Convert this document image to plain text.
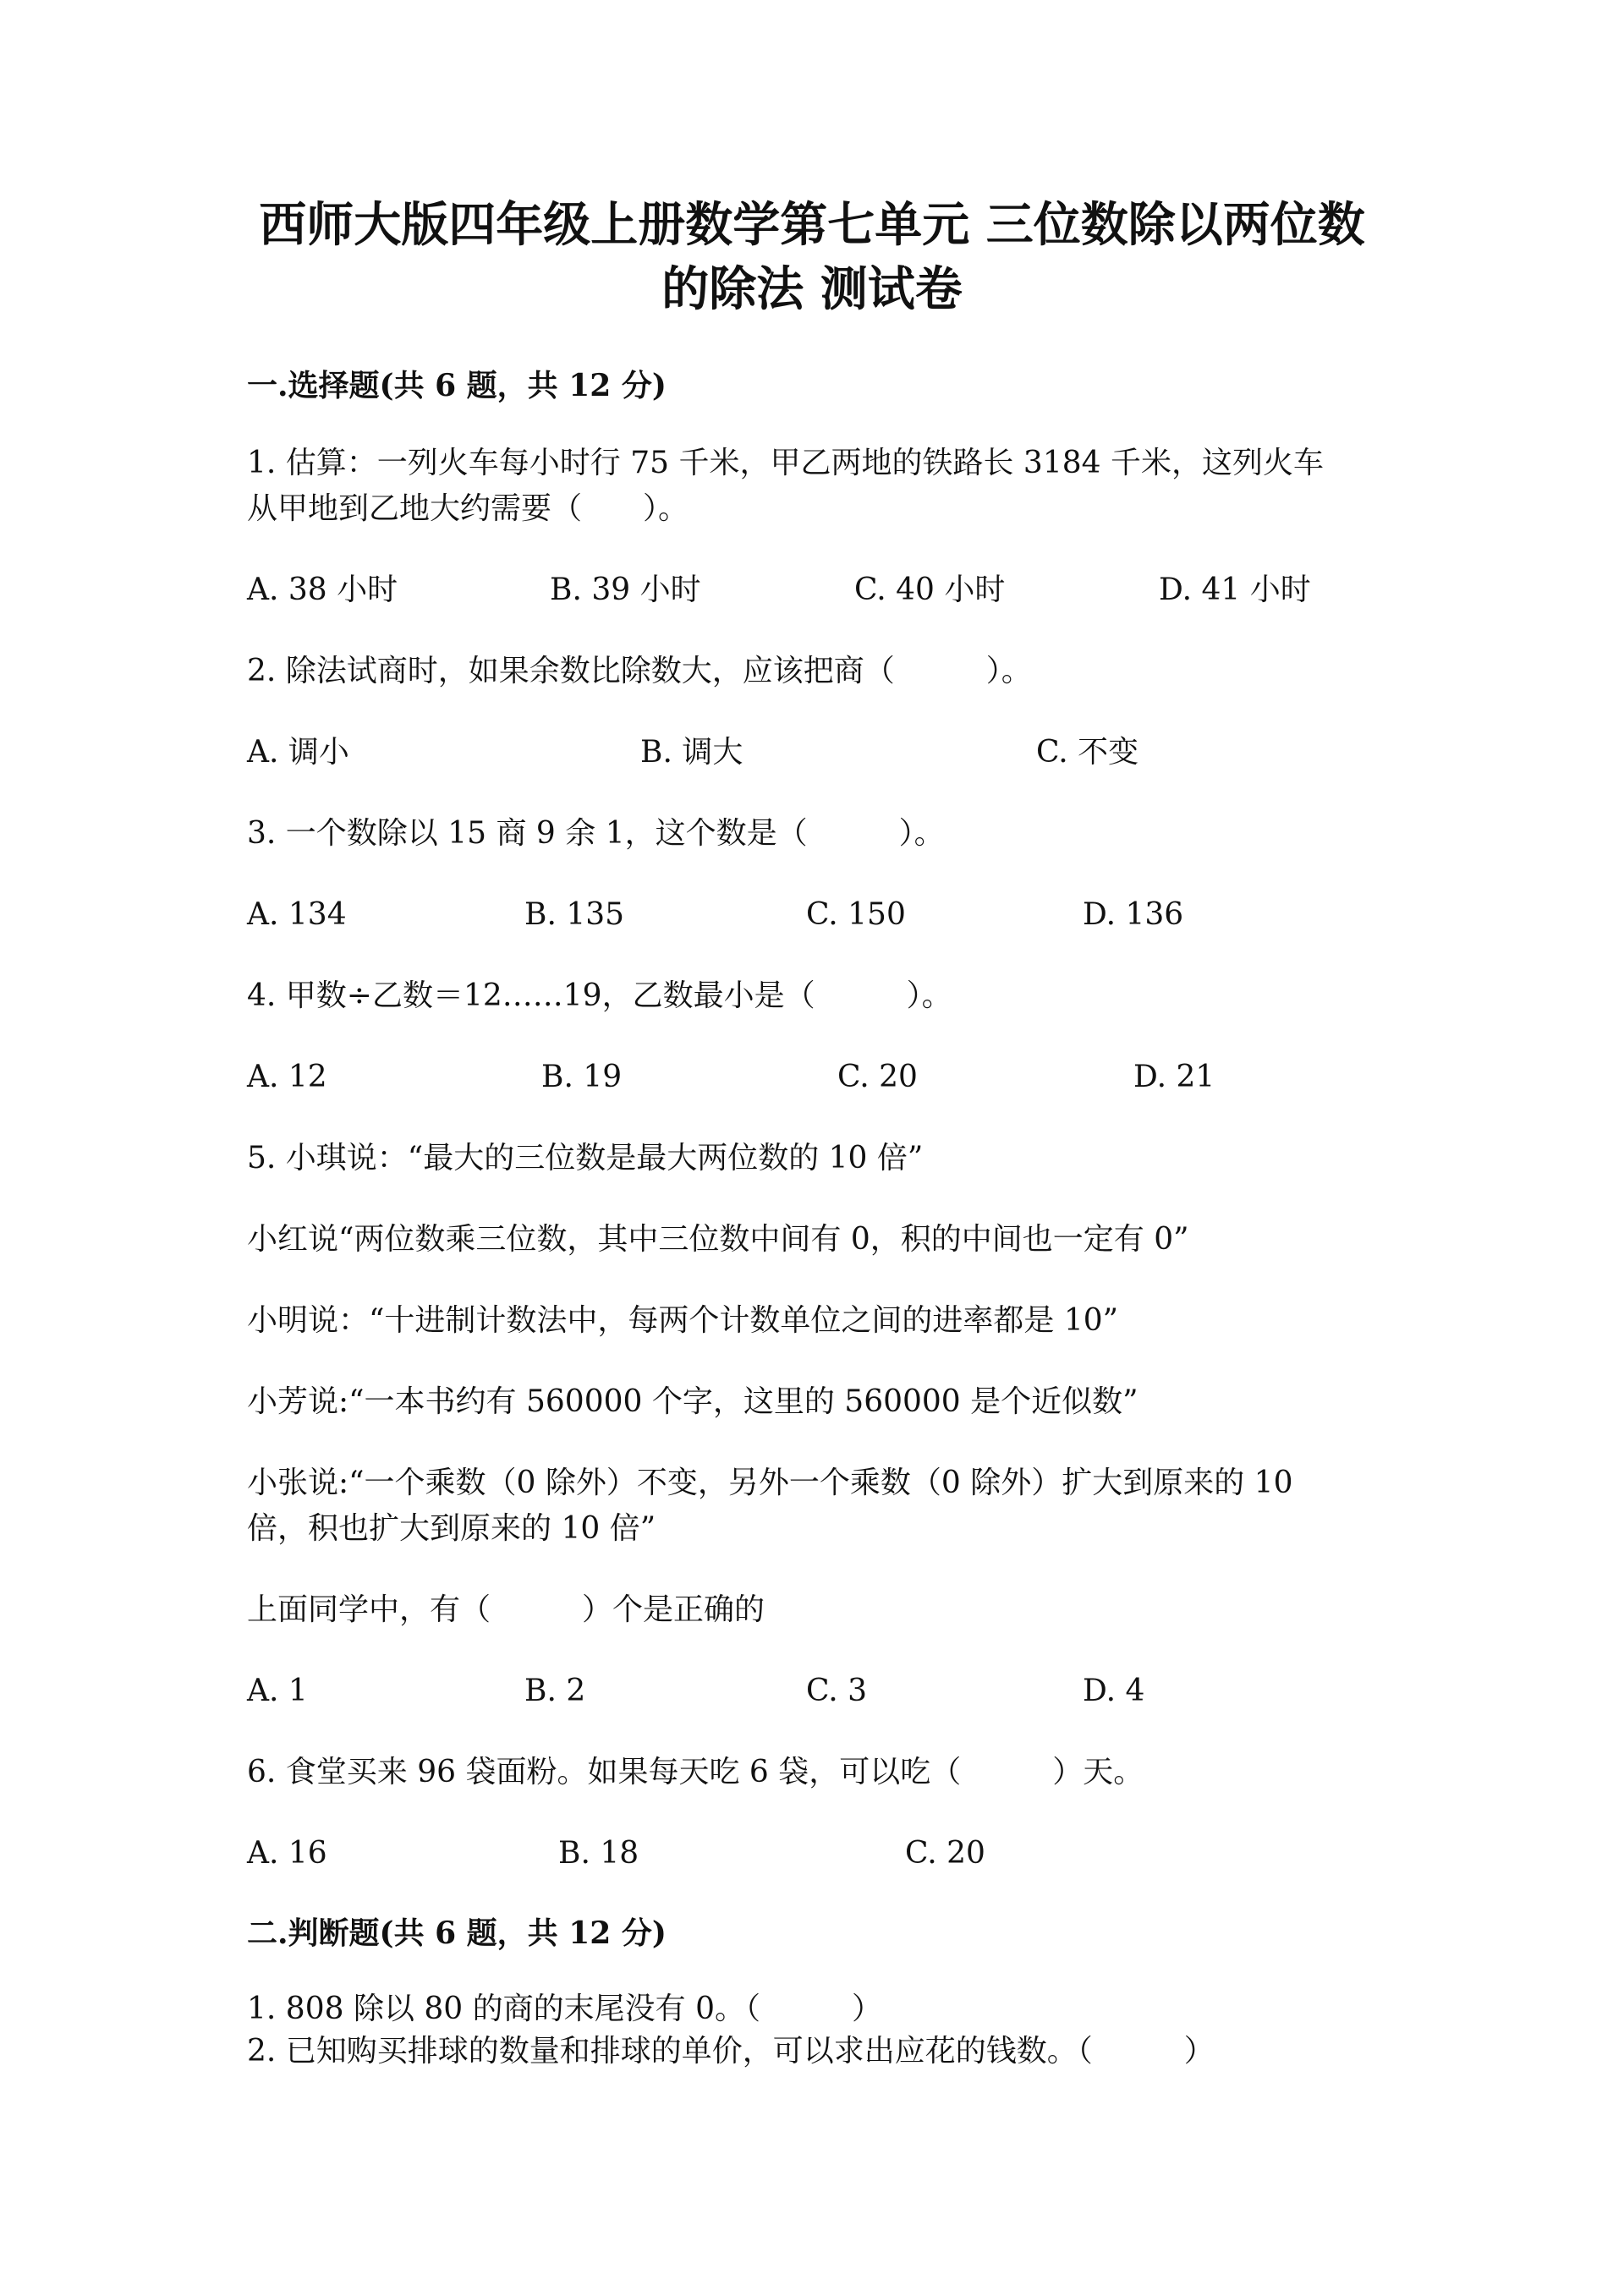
西师大版四年级上册数学第七单元 三位数除以两位数的除法 测试卷
一.选择题(共 6 题，共 12 分)
1. 估算：一列火车每小时行 75 千米，甲乙两地的铁路长 3184 千米，这列火车
从甲地到乙地大约需要（　　）。
A. 38 小时	B. 39 小时	C. 40 小时	D. 41 小时
2. 除法试商时，如果余数比除数大，应该把商（　　　）。
A. 调小	B. 调大	C. 不变
3. 一个数除以 15 商 9 余 1，这个数是（　　　）。
A. 134	B. 135	C. 150	D. 136
4. 甲数÷乙数＝12……19，乙数最小是（　　　）。
A. 12	B. 19	C. 20	D. 21
5. 小琪说：“最大的三位数是最大两位数的 10 倍”
小红说“两位数乘三位数，其中三位数中间有 0，积的中间也一定有 0”
小明说：“十进制计数法中，每两个计数单位之间的进率都是 10”
小芳说:“一本书约有 560000 个字，这里的 560000 是个近似数”
小张说:“一个乘数（0 除外）不变，另外一个乘数（0 除外）扩大到原来的 10
倍，积也扩大到原来的 10 倍”
上面同学中，有（　　　）个是正确的
A. 1	B. 2	C. 3	D. 4
6. 食堂买来 96 袋面粉。如果每天吃 6 袋，可以吃（　　　）天。
A. 16	B. 18	C. 20
二.判断题(共 6 题，共 12 分)
1. 808 除以 80 的商的末尾没有 0。（　　　）
2. 已知购买排球的数量和排球的单价，可以求出应花的钱数。（　　　）
